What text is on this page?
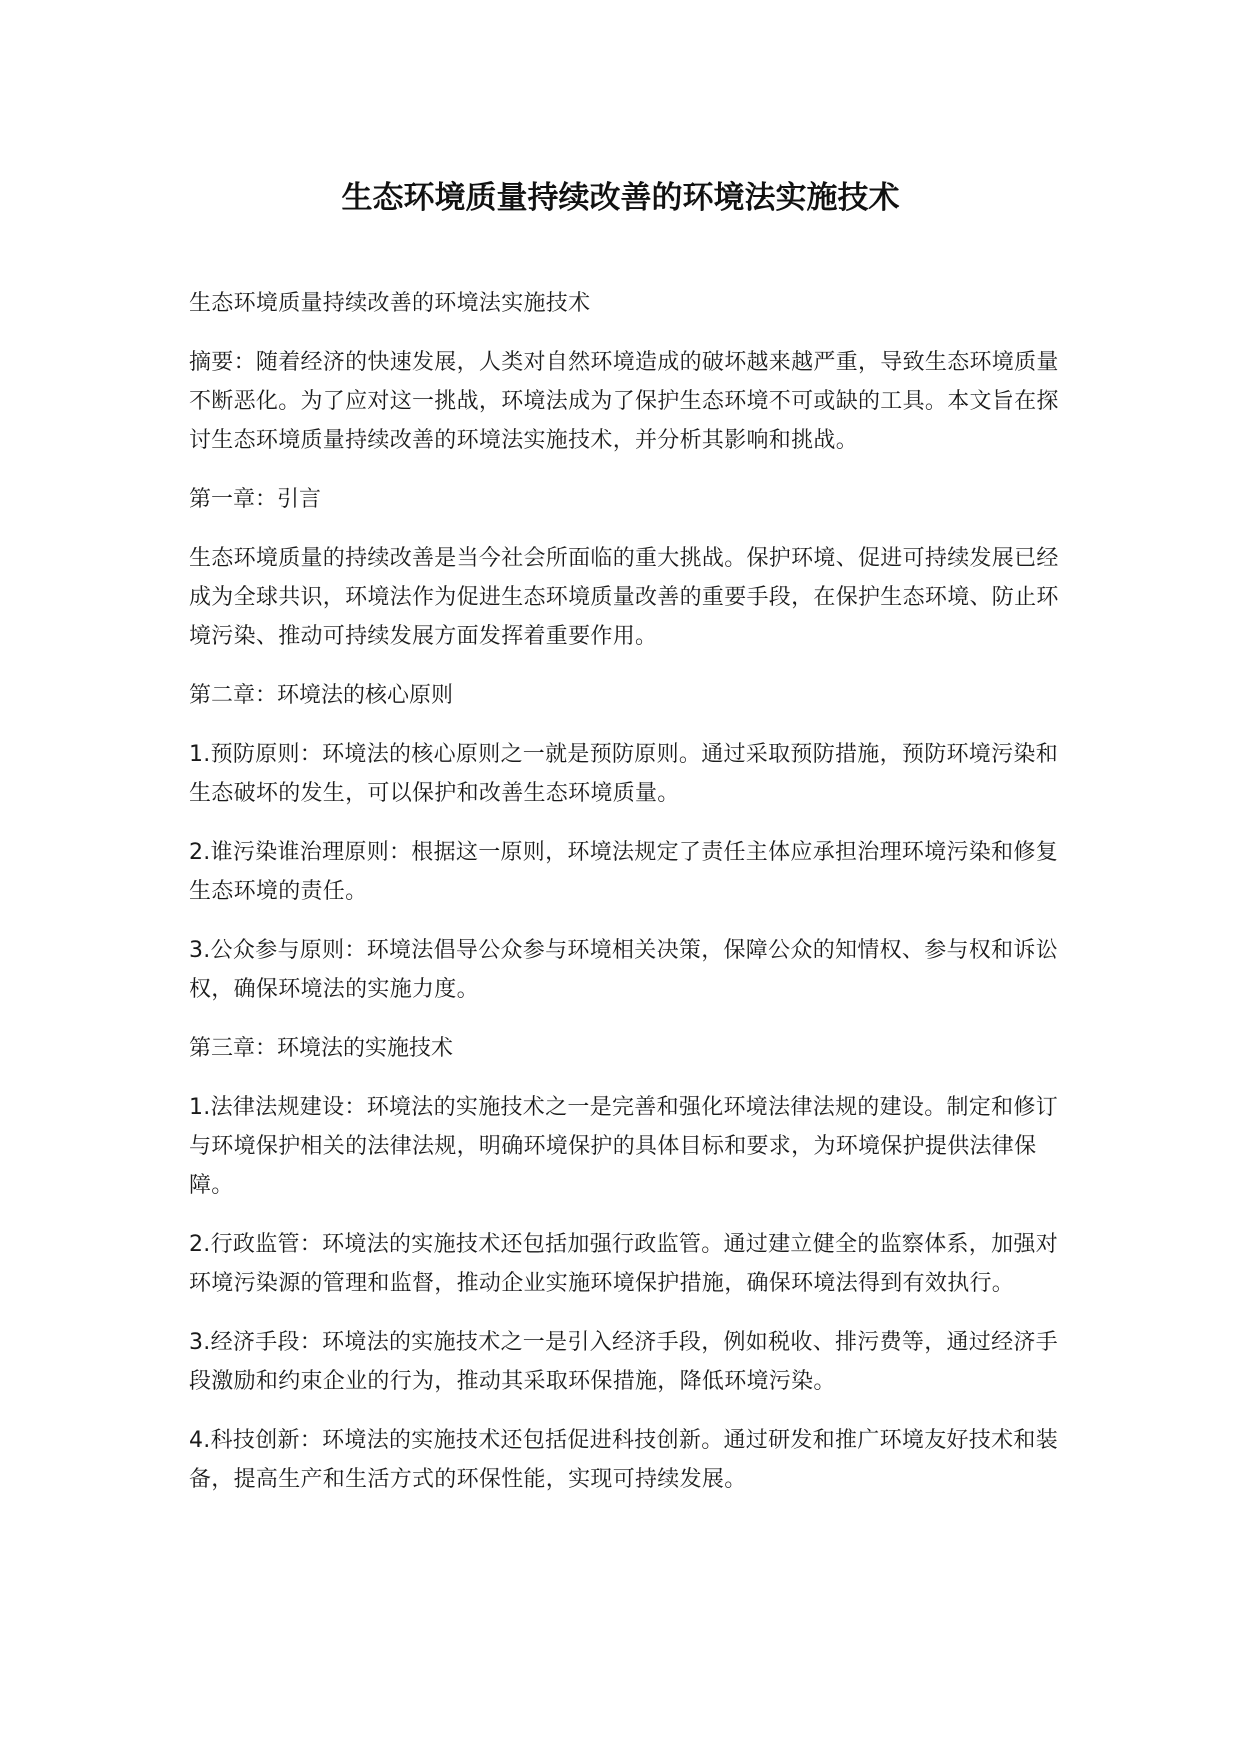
生态环境质量持续改善的环境法实施技术

生态环境质量持续改善的环境法实施技术

摘要：随着经济的快速发展，人类对自然环境造成的破坏越来越严重，导致生态环境质量不断恶化。为了应对这一挑战，环境法成为了保护生态环境不可或缺的工具。本文旨在探讨生态环境质量持续改善的环境法实施技术，并分析其影响和挑战。

第一章：引言

生态环境质量的持续改善是当今社会所面临的重大挑战。保护环境、促进可持续发展已经成为全球共识，环境法作为促进生态环境质量改善的重要手段，在保护生态环境、防止环境污染、推动可持续发展方面发挥着重要作用。

第二章：环境法的核心原则

1.预防原则：环境法的核心原则之一就是预防原则。通过采取预防措施，预防环境污染和生态破坏的发生，可以保护和改善生态环境质量。

2.谁污染谁治理原则：根据这一原则，环境法规定了责任主体应承担治理环境污染和修复生态环境的责任。

3.公众参与原则：环境法倡导公众参与环境相关决策，保障公众的知情权、参与权和诉讼权，确保环境法的实施力度。

第三章：环境法的实施技术

1.法律法规建设：环境法的实施技术之一是完善和强化环境法律法规的建设。制定和修订与环境保护相关的法律法规，明确环境保护的具体目标和要求，为环境保护提供法律保障。

2.行政监管：环境法的实施技术还包括加强行政监管。通过建立健全的监察体系，加强对环境污染源的管理和监督，推动企业实施环境保护措施，确保环境法得到有效执行。

3.经济手段：环境法的实施技术之一是引入经济手段，例如税收、排污费等，通过经济手段激励和约束企业的行为，推动其采取环保措施，降低环境污染。

4.科技创新：环境法的实施技术还包括促进科技创新。通过研发和推广环境友好技术和装备，提高生产和生活方式的环保性能，实现可持续发展。
